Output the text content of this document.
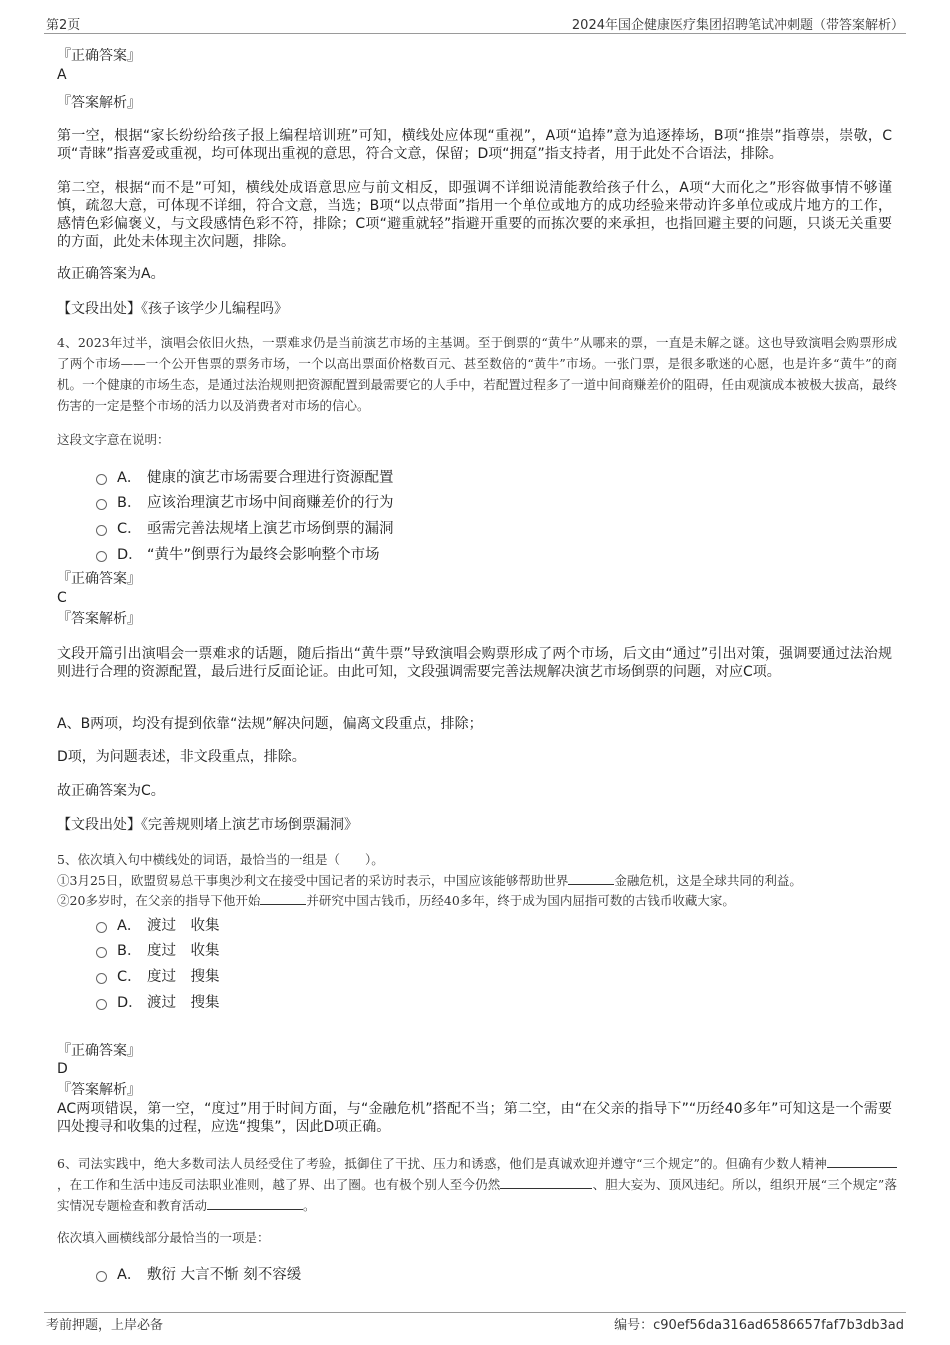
第2页	2024年国企健康医疗集团招聘笔试冲刺题（带答案解析）
『正确答案』
A
『答案解析』
第一空，根据“家长纷纷给孩子报上编程培训班”可知，横线处应体现“重视”，A项“追捧”意为追逐捧场，B项“推崇”指尊崇，崇敬，C项“青睐”指喜爱或重视，均可体现出重视的意思，符合文意，保留；D项“拥趸”指支持者，用于此处不合语法，排除。
第二空，根据“而不是”可知，横线处成语意思应与前文相反，即强调不详细说清能教给孩子什么，A项“大而化之”形容做事情不够谨慎，疏忽大意，可体现不详细，符合文意，当选；B项“以点带面”指用一个单位或地方的成功经验来带动许多单位或成片地方的工作，感情色彩偏褒义，与文段感情色彩不符，排除；C项“避重就轻”指避开重要的而拣次要的来承担，也指回避主要的问题，只谈无关重要的方面，此处未体现主次问题，排除。
故正确答案为A。
【文段出处】《孩子该学少儿编程吗》
4、2023年过半，演唱会依旧火热，一票难求仍是当前演艺市场的主基调。至于倒票的“黄牛”从哪来的票，一直是未解之谜。这也导致演唱会购票形成了两个市场——一个公开售票的票务市场，一个以高出票面价格数百元、甚至数倍的“黄牛”市场。一张门票，是很多歌迷的心愿，也是许多“黄牛”的商机。一个健康的市场生态，是通过法治规则把资源配置到最需要它的人手中，若配置过程多了一道中间商赚差价的阻碍，任由观演成本被极大拔高，最终伤害的一定是整个市场的活力以及消费者对市场的信心。
这段文字意在说明：
A． 健康的演艺市场需要合理进行资源配置
B． 应该治理演艺市场中间商赚差价的行为
C． 亟需完善法规堵上演艺市场倒票的漏洞
D． “黄牛”倒票行为最终会影响整个市场
『正确答案』
C
『答案解析』
文段开篇引出演唱会一票难求的话题，随后指出“黄牛票”导致演唱会购票形成了两个市场，后文由“通过”引出对策，强调要通过法治规则进行合理的资源配置，最后进行反面论证。由此可知，文段强调需要完善法规解决演艺市场倒票的问题，对应C项。
A、B两项，均没有提到依靠“法规”解决问题，偏离文段重点，排除；
D项，为问题表述，非文段重点，排除。
故正确答案为C。
【文段出处】《完善规则堵上演艺市场倒票漏洞》
5、依次填入句中横线处的词语，最恰当的一组是（　　）。
①3月25日，欧盟贸易总干事奥沙利文在接受中国记者的采访时表示，中国应该能够帮助世界	金融危机，这是全球共同的利益。
②20多岁时，在父亲的指导下他开始	并研究中国古钱币，历经40多年，终于成为国内屈指可数的古钱币收藏大家。
A． 渡过　收集
B． 度过　收集
C． 度过　搜集
D． 渡过　搜集
『正确答案』
D
『答案解析』
AC两项错误，第一空，“度过”用于时间方面，与“金融危机”搭配不当；第二空，由“在父亲的指导下”“历经40多年”可知这是一个需要四处搜寻和收集的过程，应选“搜集”，因此D项正确。
6、司法实践中，绝大多数司法人员经受住了考验，抵御住了干扰、压力和诱惑，他们是真诚欢迎并遵守“三个规定”的。但确有少数人精神，在工作和生活中违反司法职业准则，越了界、出了圈。也有极个别人至今仍然	、胆大妄为、顶风违纪。所以，组织开展“三个规定”落实情况专题检查和教育活动	。
依次填入画横线部分最恰当的一项是：
A． 敷衍 大言不惭 刻不容缓
考前押题，上岸必备	编号：c90ef56da316ad6586657faf7b3db3ad
